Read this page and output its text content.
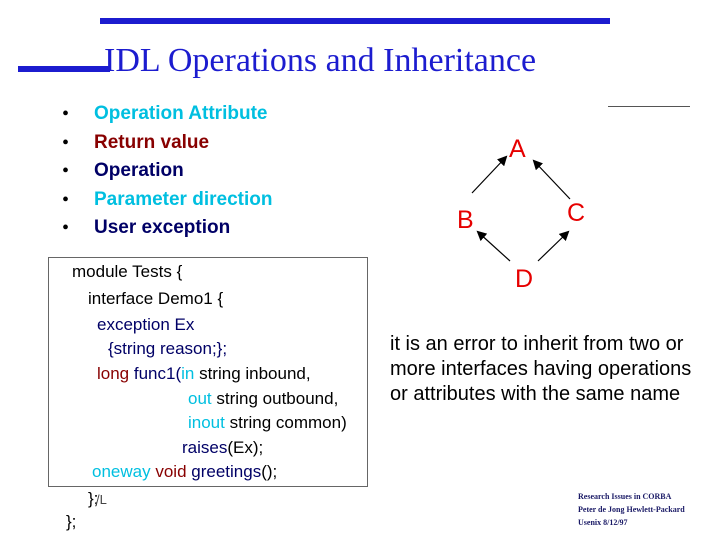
IDL Operations and Inheritance
• Operation Attribute
• Return value
• Operation
• Parameter direction
• User exception
module Tests {
interface Demo1 {
exception Ex
{string reason;};
long func1(in string inbound,
out string outbound,
inout string common)
raises(Ex);
oneway void greetings();
};
/L
};
A
B	C
D
it is an error to inherit from two or more interfaces having operations or attributes with the same name
Research Issues in CORBA
Peter de Jong Hewlett-Packard
Usenix 8/12/97
